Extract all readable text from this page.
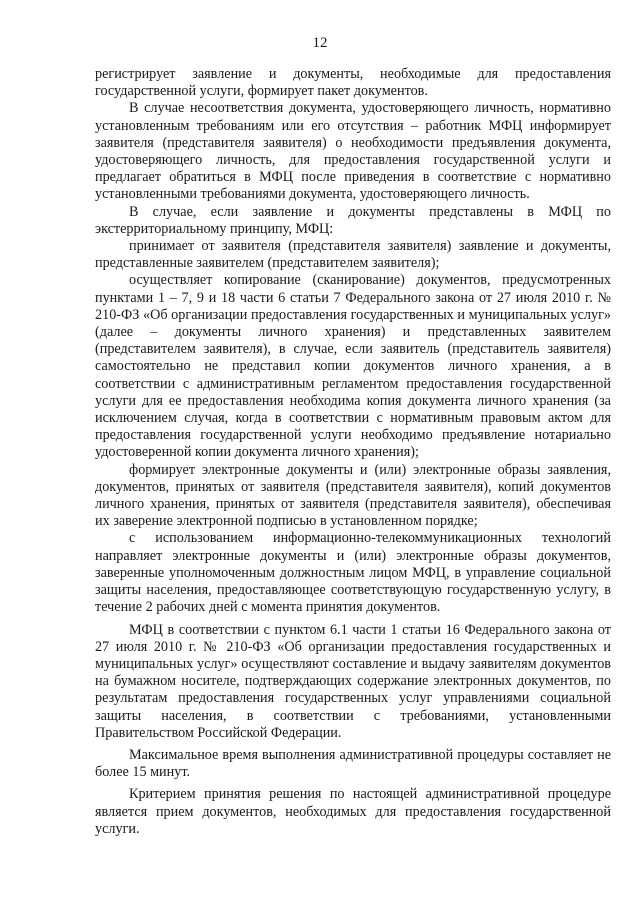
12

регистрирует заявление и документы, необходимые для предоставления государственной услуги, формирует пакет документов.

В случае несоответствия документа, удостоверяющего личность, нормативно установленным требованиям или его отсутствия – работник МФЦ информирует заявителя (представителя заявителя) о необходимости предъявления документа, удостоверяющего личность, для предоставления государственной услуги и предлагает обратиться в МФЦ после приведения в соответствие с нормативно установленными требованиями документа, удостоверяющего личность.

В случае, если заявление и документы представлены в МФЦ по экстерриториальному принципу, МФЦ:

принимает от заявителя (представителя заявителя) заявление и документы, представленные заявителем (представителем заявителя);

осуществляет копирование (сканирование) документов, предусмотренных пунктами 1 – 7, 9 и 18 части 6 статьи 7 Федерального закона от 27 июля 2010 г. № 210-ФЗ «Об организации предоставления государственных и муниципальных услуг» (далее – документы личного хранения) и представленных заявителем (представителем заявителя), в случае, если заявитель (представитель заявителя) самостоятельно не представил копии документов личного хранения, а в соответствии с административным регламентом предоставления государственной услуги для ее предоставления необходима копия документа личного хранения (за исключением случая, когда в соответствии с нормативным правовым актом для предоставления государственной услуги необходимо предъявление нотариально удостоверенной копии документа личного хранения);

формирует электронные документы и (или) электронные образы заявления, документов, принятых от заявителя (представителя заявителя), копий документов личного хранения, принятых от заявителя (представителя заявителя), обеспечивая их заверение электронной подписью в установленном порядке;

с использованием информационно-телекоммуникационных технологий направляет электронные документы и (или) электронные образы документов, заверенные уполномоченным должностным лицом МФЦ, в управление социальной защиты населения, предоставляющее соответствующую государственную услугу, в течение 2 рабочих дней с момента принятия документов.

МФЦ в соответствии с пунктом 6.1 части 1 статьи 16 Федерального закона от 27 июля 2010 г. № 210-ФЗ «Об организации предоставления государственных и муниципальных услуг» осуществляют составление и выдачу заявителям документов на бумажном носителе, подтверждающих содержание электронных документов, по результатам предоставления государственных услуг управлениями социальной защиты населения, в соответствии с требованиями, установленными Правительством Российской Федерации.

Максимальное время выполнения административной процедуры составляет не более 15 минут.

Критерием принятия решения по настоящей административной процедуре является прием документов, необходимых для предоставления государственной услуги.
